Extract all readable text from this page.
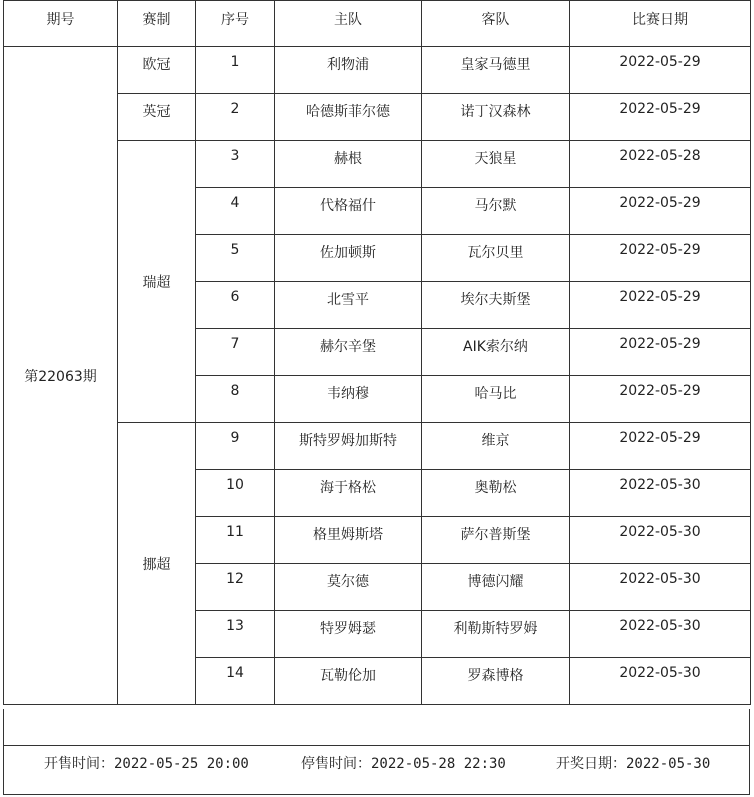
期号	赛制	序号	主队	客队	比赛日期
第22063期	欧冠	1	利物浦	皇家马德里	2022-05-29
	英冠	2	哈德斯菲尔德	诺丁汉森林	2022-05-29
	瑞超	3	赫根	天狼星	2022-05-28
		4	代格福什	马尔默	2022-05-29
		5	佐加顿斯	瓦尔贝里	2022-05-29
		6	北雪平	埃尔夫斯堡	2022-05-29
		7	赫尔辛堡	AIK索尔纳	2022-05-29
		8	韦纳穆	哈马比	2022-05-29
	挪超	9	斯特罗姆加斯特	维京	2022-05-29
		10	海于格松	奥勒松	2022-05-30
		11	格里姆斯塔	萨尔普斯堡	2022-05-30
		12	莫尔德	博德闪耀	2022-05-30
		13	特罗姆瑟	利勒斯特罗姆	2022-05-30
		14	瓦勒伦加	罗森博格	2022-05-30
开售时间：2022-05-25 20:00	停售时间：2022-05-28 22:30	开奖日期：2022-05-30
